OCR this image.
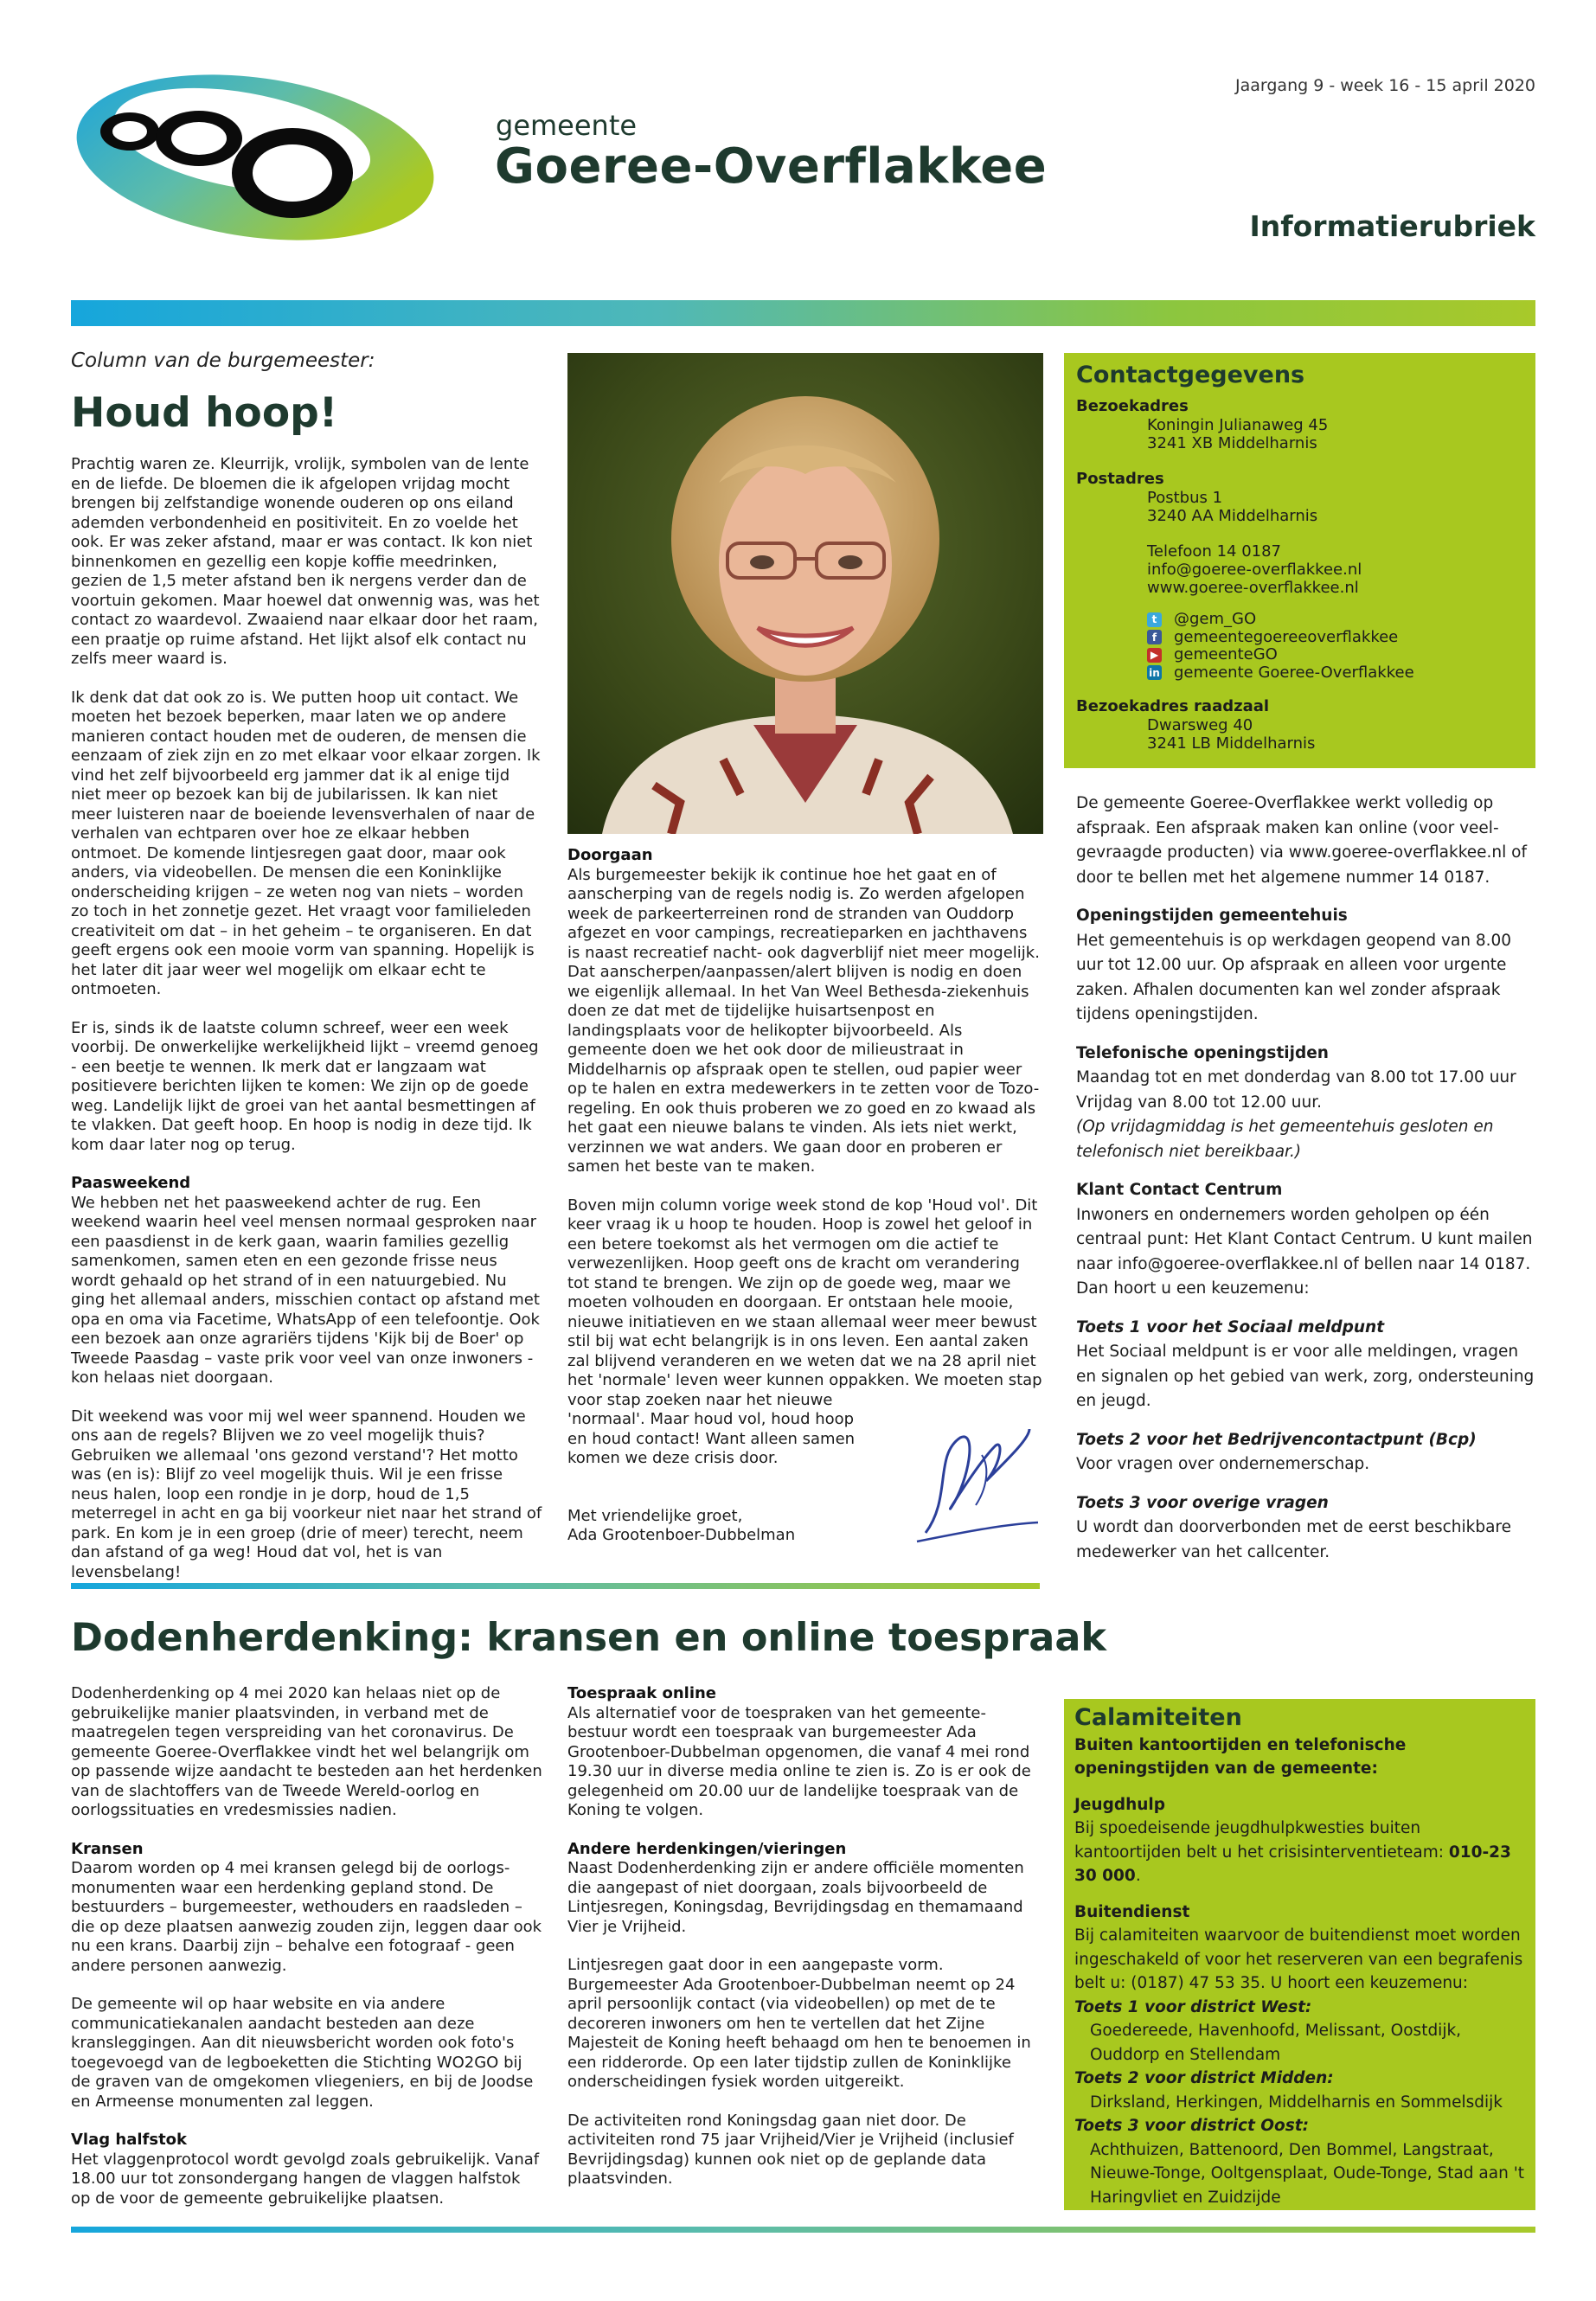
Jaargang 9 - week 16 - 15 april 2020
gemeente
Goeree-Overflakkee
Informatierubriek
Column van de burgemeester:
Houd hoop!
Prachtig waren ze. Kleurrijk, vrolijk, symbolen van de lente en de liefde. De bloemen die ik afgelopen vrijdag mocht brengen bij zelfstandige wonende ouderen op ons eiland ademden verbondenheid en positiviteit. En zo voelde het ook. Er was zeker afstand, maar er was contact. Ik kon niet binnenkomen en gezellig een kopje koffie meedrinken, gezien de 1,5 meter afstand ben ik nergens verder dan de voortuin gekomen. Maar hoewel dat onwennig was, was het contact zo waardevol. Zwaaiend naar elkaar door het raam, een praatje op ruime afstand. Het lijkt alsof elk contact nu zelfs meer waard is.
Ik denk dat dat ook zo is. We putten hoop uit contact. We moeten het bezoek beperken, maar laten we op andere manieren contact houden met de ouderen, de mensen die eenzaam of ziek zijn en zo met elkaar voor elkaar zorgen. Ik vind het zelf bijvoorbeeld erg jammer dat ik al enige tijd niet meer op bezoek kan bij de jubilarissen. Ik kan niet meer luisteren naar de boeiende levensverhalen of naar de verhalen van echtparen over hoe ze elkaar hebben ontmoet. De komende lintjesregen gaat door, maar ook anders, via videobellen. De mensen die een Koninklijke onderscheiding krijgen – ze weten nog van niets – worden zo toch in het zonnetje gezet. Het vraagt voor familieleden creativiteit om dat – in het geheim – te organiseren. En dat geeft ergens ook een mooie vorm van spanning. Hopelijk is het later dit jaar weer wel mogelijk om elkaar echt te ontmoeten.
Er is, sinds ik de laatste column schreef, weer een week voorbij. De onwerkelijke werkelijkheid lijkt – vreemd genoeg - een beetje te wennen. Ik merk dat er langzaam wat positievere berichten lijken te komen: We zijn op de goede weg. Landelijk lijkt de groei van het aantal besmettingen af te vlakken. Dat geeft hoop. En hoop is nodig in deze tijd. Ik kom daar later nog op terug.
Paasweekend
We hebben net het paasweekend achter de rug. Een weekend waarin heel veel mensen normaal gesproken naar een paasdienst in de kerk gaan, waarin families gezellig samenkomen, samen eten en een gezonde frisse neus wordt gehaald op het strand of in een natuurgebied. Nu ging het allemaal anders, misschien contact op afstand met opa en oma via Facetime, WhatsApp of een telefoontje. Ook een bezoek aan onze agrariërs tijdens 'Kijk bij de Boer' op Tweede Paasdag – vaste prik voor veel van onze inwoners - kon helaas niet doorgaan.
Dit weekend was voor mij wel weer spannend. Houden we ons aan de regels? Blijven we zo veel mogelijk thuis? Gebruiken we allemaal 'ons gezond verstand'? Het motto was (en is): Blijf zo veel mogelijk thuis. Wil je een frisse neus halen, loop een rondje in je dorp, houd de 1,5 meterregel in acht en ga bij voorkeur niet naar het strand of park. En kom je in een groep (drie of meer) terecht, neem dan afstand of ga weg! Houd dat vol, het is van levensbelang!
Doorgaan
Als burgemeester bekijk ik continue hoe het gaat en of aanscherping van de regels nodig is. Zo werden afgelopen week de parkeerterreinen rond de stranden van Ouddorp afgezet en voor campings, recreatieparken en jachthavens is naast recreatief nacht- ook dagverblijf niet meer mogelijk. Dat aanscherpen/aanpassen/alert blijven is nodig en doen we eigenlijk allemaal. In het Van Weel Bethesda-ziekenhuis doen ze dat met de tijdelijke huisartsenpost en landingsplaats voor de helikopter bijvoorbeeld. Als gemeente doen we het ook door de milieustraat in Middelharnis op afspraak open te stellen, oud papier weer op te halen en extra medewerkers in te zetten voor de Tozo-regeling. En ook thuis proberen we zo goed en zo kwaad als het gaat een nieuwe balans te vinden. Als iets niet werkt, verzinnen we wat anders. We gaan door en proberen er samen het beste van te maken.
Boven mijn column vorige week stond de kop 'Houd vol'. Dit keer vraag ik u hoop te houden. Hoop is zowel het geloof in een betere toekomst als het vermogen om die actief te verwezenlijken. Hoop geeft ons de kracht om verandering tot stand te brengen. We zijn op de goede weg, maar we moeten volhouden en doorgaan. Er ontstaan hele mooie, nieuwe initiatieven en we staan allemaal weer meer bewust stil bij wat echt belangrijk is in ons leven. Een aantal zaken zal blijvend veranderen en we weten dat we na 28 april niet het 'normale' leven weer kunnen oppakken. We moeten stap
voor stap zoeken naar het nieuwe
'normaal'. Maar houd vol, houd hoop
en houd contact! Want alleen samen
komen we deze crisis door.
Met vriendelijke groet,
Ada Grootenboer-Dubbelman
Contactgegevens
Bezoekadres
Koningin Julianaweg 45
3241 XB Middelharnis
Postadres
Postbus 1
3240 AA Middelharnis
Telefoon 14 0187
info@goeree-overflakkee.nl
www.goeree-overflakkee.nl
t	@gem_GO
f	gemeentegoereeoverflakkee
▶ gemeenteGO
in gemeente Goeree-Overflakkee
Bezoekadres raadzaal
Dwarsweg 40
3241 LB Middelharnis
De gemeente Goeree-Overflakkee werkt volledig op afspraak. Een afspraak maken kan online (voor veel-gevraagde producten) via www.goeree-overflakkee.nl of door te bellen met het algemene nummer 14 0187.
Openingstijden gemeentehuis
Het gemeentehuis is op werkdagen geopend van 8.00 uur tot 12.00 uur. Op afspraak en alleen voor urgente zaken. Afhalen documenten kan wel zonder afspraak tijdens openingstijden.
Telefonische openingstijden
Maandag tot en met donderdag van 8.00 tot 17.00 uur Vrijdag van 8.00 tot 12.00 uur.
(Op vrijdagmiddag is het gemeentehuis gesloten en telefonisch niet bereikbaar.)
Klant Contact Centrum
Inwoners en ondernemers worden geholpen op één centraal punt: Het Klant Contact Centrum. U kunt mailen naar info@goeree-overflakkee.nl of bellen naar 14 0187. Dan hoort u een keuzemenu:
Toets 1 voor het Sociaal meldpunt
Het Sociaal meldpunt is er voor alle meldingen, vragen en signalen op het gebied van werk, zorg, ondersteuning en jeugd.
Toets 2 voor het Bedrijvencontactpunt (Bcp)
Voor vragen over ondernemerschap.
Toets 3 voor overige vragen
U wordt dan doorverbonden met de eerst beschikbare medewerker van het callcenter.
Calamiteiten
Buiten kantoortijden en telefonische openingstijden van de gemeente:
Jeugdhulp
Bij spoedeisende jeugdhulpkwesties buiten kantoortijden belt u het crisisinterventieteam: 010-23 30 000.
Buitendienst
Bij calamiteiten waarvoor de buitendienst moet worden ingeschakeld of voor het reserveren van een begrafenis belt u: (0187) 47 53 35. U hoort een keuzemenu:
Toets 1 voor district West:
Goedereede, Havenhoofd, Melissant, Oostdijk, Ouddorp en Stellendam
Toets 2 voor district Midden:
Dirksland, Herkingen, Middelharnis en Sommelsdijk
Toets 3 voor district Oost:
Achthuizen, Battenoord, Den Bommel, Langstraat, Nieuwe-Tonge, Ooltgensplaat, Oude-Tonge, Stad aan 't Haringvliet en Zuidzijde
Dodenherdenking: kransen en online toespraak
Dodenherdenking op 4 mei 2020 kan helaas niet op de gebruikelijke manier plaatsvinden, in verband met de maatregelen tegen verspreiding van het coronavirus. De gemeente Goeree-Overflakkee vindt het wel belangrijk om op passende wijze aandacht te besteden aan het herdenken van de slachtoffers van de Tweede Wereld-oorlog en oorlogssituaties en vredesmissies nadien.
Kransen
Daarom worden op 4 mei kransen gelegd bij de oorlogs-monumenten waar een herdenking gepland stond. De bestuurders – burgemeester, wethouders en raadsleden – die op deze plaatsen aanwezig zouden zijn, leggen daar ook nu een krans. Daarbij zijn – behalve een fotograaf - geen andere personen aanwezig.
De gemeente wil op haar website en via andere communicatiekanalen aandacht besteden aan deze kransleggingen. Aan dit nieuwsbericht worden ook foto's toegevoegd van de legboeketten die Stichting WO2GO bij de graven van de omgekomen vliegeniers, en bij de Joodse en Armeense monumenten zal leggen.
Vlag halfstok
Het vlaggenprotocol wordt gevolgd zoals gebruikelijk. Vanaf 18.00 uur tot zonsondergang hangen de vlaggen halfstok op de voor de gemeente gebruikelijke plaatsen.
Toespraak online
Als alternatief voor de toespraken van het gemeente-bestuur wordt een toespraak van burgemeester Ada Grootenboer-Dubbelman opgenomen, die vanaf 4 mei rond 19.30 uur in diverse media online te zien is. Zo is er ook de gelegenheid om 20.00 uur de landelijke toespraak van de Koning te volgen.
Andere herdenkingen/vieringen
Naast Dodenherdenking zijn er andere officiële momenten die aangepast of niet doorgaan, zoals bijvoorbeeld de Lintjesregen, Koningsdag, Bevrijdingsdag en themamaand Vier je Vrijheid.
Lintjesregen gaat door in een aangepaste vorm. Burgemeester Ada Grootenboer-Dubbelman neemt op 24 april persoonlijk contact (via videobellen) op met de te decoreren inwoners om hen te vertellen dat het Zijne Majesteit de Koning heeft behaagd om hen te benoemen in een ridderorde. Op een later tijdstip zullen de Koninklijke onderscheidingen fysiek worden uitgereikt.
De activiteiten rond Koningsdag gaan niet door. De activiteiten rond 75 jaar Vrijheid/Vier je Vrijheid (inclusief Bevrijdingsdag) kunnen ook niet op de geplande data plaatsvinden.
